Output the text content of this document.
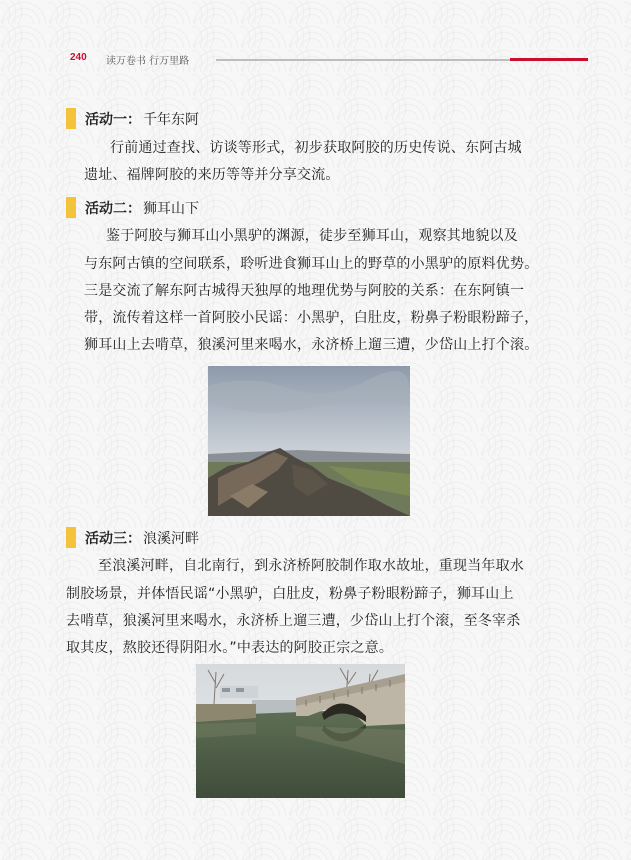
240 读万卷书 行万里路
活动一： 千年东阿
行前通过查找、访谈等形式，初步获取阿胶的历史传说、东阿古城
遗址、福牌阿胶的来历等等并分享交流。
活动二： 狮耳山下
鉴于阿胶与狮耳山小黑驴的渊源，徒步至狮耳山，观察其地貌以及
与东阿古镇的空间联系，聆听进食狮耳山上的野草的小黑驴的原料优势。
三是交流了解东阿古城得天独厚的地理优势与阿胶的关系：在东阿镇一
带，流传着这样一首阿胶小民谣：小黑驴，白肚皮，粉鼻子粉眼粉蹄子，
狮耳山上去啃草，狼溪河里来喝水，永济桥上遛三遭，少岱山上打个滚。
活动三： 浪溪河畔
至浪溪河畔，自北南行，到永济桥阿胶制作取水故址，重现当年取水
制胶场景，并体悟民谣“小黑驴，白肚皮，粉鼻子粉眼粉蹄子，狮耳山上
去啃草，狼溪河里来喝水，永济桥上遛三遭，少岱山上打个滚，至冬宰杀
取其皮，熬胶还得阴阳水。”中表达的阿胶正宗之意。
